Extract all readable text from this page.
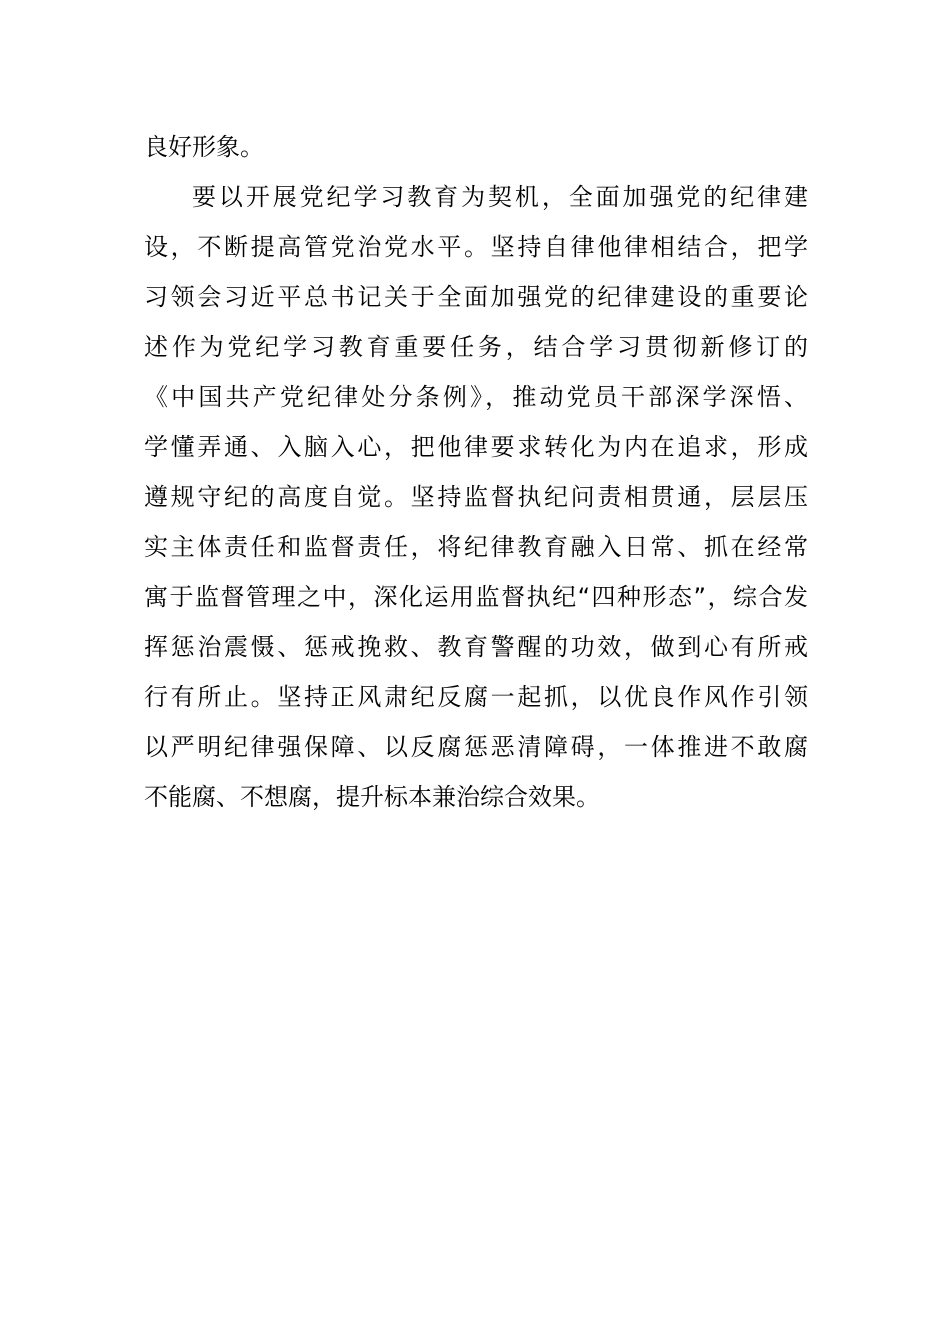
良好形象。
要以开展党纪学习教育为契机，全面加强党的纪律建
设，不断提高管党治党水平。坚持自律他律相结合，把学
习领会习近平总书记关于全面加强党的纪律建设的重要论
述作为党纪学习教育重要任务，结合学习贯彻新修订的
《中国共产党纪律处分条例》，推动党员干部深学深悟、
学懂弄通、入脑入心，把他律要求转化为内在追求，形成
遵规守纪的高度自觉。坚持监督执纪问责相贯通，层层压
实主体责任和监督责任，将纪律教育融入日常、抓在经常
寓于监督管理之中，深化运用监督执纪“四种形态”，综合发
挥惩治震慑、惩戒挽救、教育警醒的功效，做到心有所戒
行有所止。坚持正风肃纪反腐一起抓，以优良作风作引领
以严明纪律强保障、以反腐惩恶清障碍，一体推进不敢腐
不能腐、不想腐，提升标本兼治综合效果。
